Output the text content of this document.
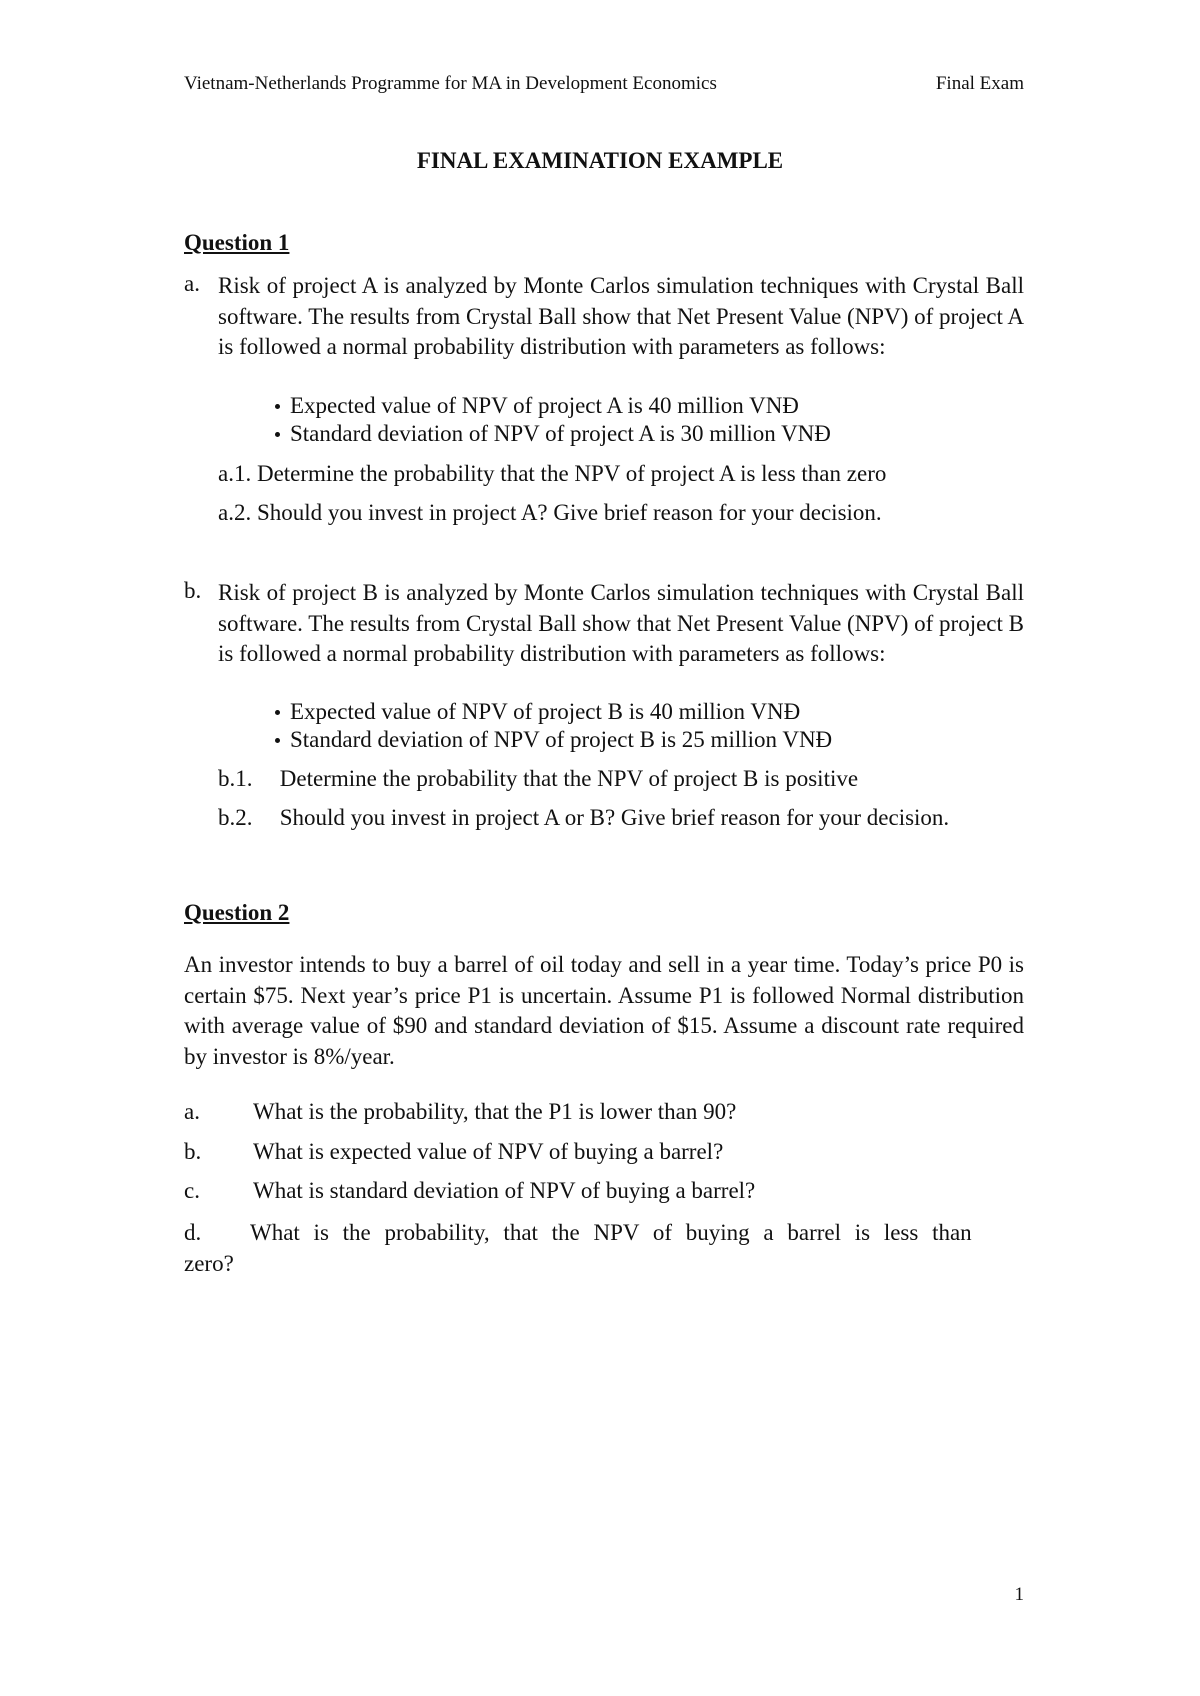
Vietnam-Netherlands Programme for MA in Development Economics	Final Exam
FINAL EXAMINATION EXAMPLE
Question 1
a. Risk of project A is analyzed by Monte Carlos simulation techniques with Crystal Ball software. The results from Crystal Ball show that Net Present Value (NPV) of project A is followed a normal probability distribution with parameters as follows:
Expected value of NPV of project A is 40 million VNĐ
Standard deviation of NPV of project A is 30 million VNĐ
a.1. Determine the probability that the NPV of project A is less than zero
a.2. Should you invest in project A? Give brief reason for your decision.
b. Risk of project B is analyzed by Monte Carlos simulation techniques with Crystal Ball software. The results from Crystal Ball show that Net Present Value (NPV) of project B is followed a normal probability distribution with parameters as follows:
Expected value of NPV of project B is 40 million VNĐ
Standard deviation of NPV of project B is 25 million VNĐ
b.1. Determine the probability that the NPV of project B is positive
b.2. Should you invest in project A or B? Give brief reason for your decision.
Question 2
An investor intends to buy a barrel of oil today and sell in a year time. Today’s price P0 is certain $75. Next year’s price P1 is uncertain. Assume P1 is followed Normal distribution with average value of $90 and standard deviation of $15. Assume a discount rate required by investor is 8%/year.
a. What is the probability, that the P1 is lower than 90?
b. What is expected value of NPV of buying a barrel?
c. What is standard deviation of NPV of buying a barrel?
d. What is the probability, that the NPV of buying a barrel is less than zero?
1
